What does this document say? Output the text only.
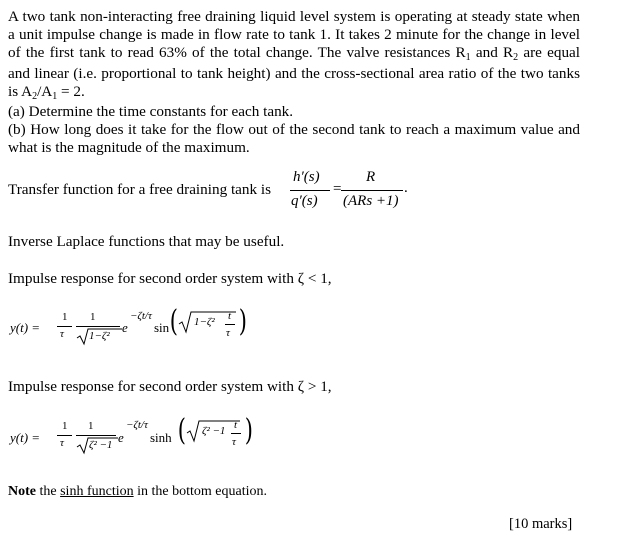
A two tank non-interacting free draining liquid level system is operating at steady state when a unit impulse change is made in flow rate to tank 1. It takes 2 minute for the change in level of the first tank to read 63% of the total change. The valve resistances R1 and R2 are equal and linear (i.e. proportional to tank height) and the cross-sectional area ratio of the two tanks is A2/A1 = 2.
(a) Determine the time constants for each tank.
(b) How long does it take for the flow out of the second tank to reach a maximum value and what is the magnitude of the maximum.

Transfer function for a free draining tank is
h′(s)
q′(s)
=
R
(ARs +1)
.
Inverse Laplace functions that may be useful.
Impulse response for second order system with ζ < 1,
y(t) =
1
τ
1
1−ζ²
e
−ζt/τ
sin ( 1−ζ² t
τ )
Impulse response for second order system with ζ > 1,
y(t) =
1
τ
1
ζ² −1 e
−ζt/τ
sinh ( ζ² −1 t
τ )
Note the sinh function in the bottom equation.
[10 marks]
